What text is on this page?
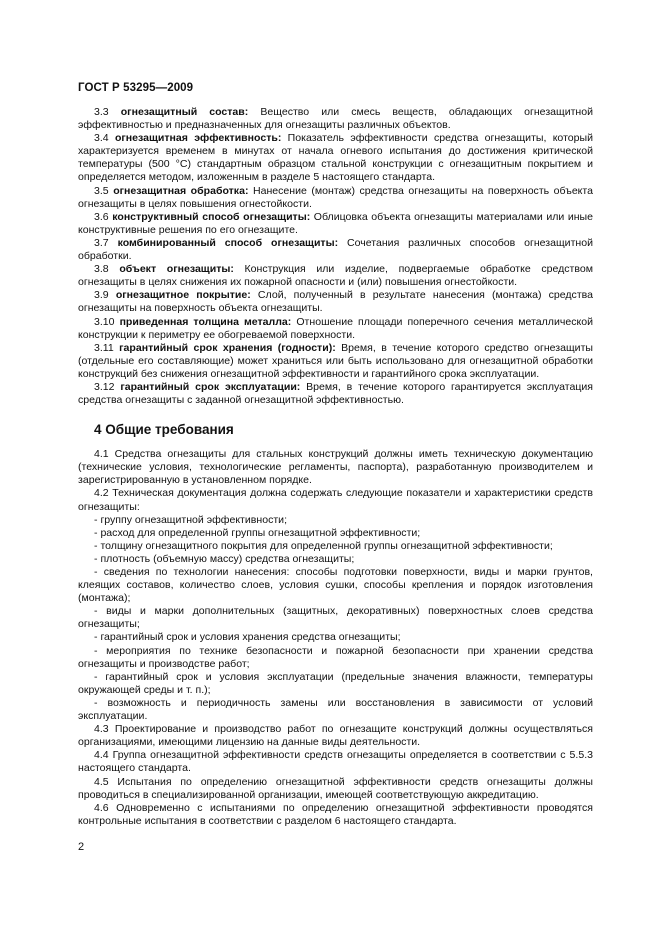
ГОСТ Р 53295—2009

3.3 огнезащитный состав: Вещество или смесь веществ, обладающих огнезащитной эффективностью и предназначенных для огнезащиты различных объектов.

3.4 огнезащитная эффективность: Показатель эффективности средства огнезащиты, который характеризуется временем в минутах от начала огневого испытания до достижения критической температуры (500 °С) стандартным образцом стальной конструкции с огнезащитным покрытием и определяется методом, изложенным в разделе 5 настоящего стандарта.

3.5 огнезащитная обработка: Нанесение (монтаж) средства огнезащиты на поверхность объекта огнезащиты в целях повышения огнестойкости.

3.6 конструктивный способ огнезащиты: Облицовка объекта огнезащиты материалами или иные конструктивные решения по его огнезащите.

3.7 комбинированный способ огнезащиты: Сочетания различных способов огнезащитной обработки.

3.8 объект огнезащиты: Конструкция или изделие, подвергаемые обработке средством огнезащиты в целях снижения их пожарной опасности и (или) повышения огнестойкости.

3.9 огнезащитное покрытие: Слой, полученный в результате нанесения (монтажа) средства огнезащиты на поверхность объекта огнезащиты.

3.10 приведенная толщина металла: Отношение площади поперечного сечения металлической конструкции к периметру ее обогреваемой поверхности.

3.11 гарантийный срок хранения (годности): Время, в течение которого средство огнезащиты (отдельные его составляющие) может храниться или быть использовано для огнезащитной обработки конструкций без снижения огнезащитной эффективности и гарантийного срока эксплуатации.

3.12 гарантийный срок эксплуатации: Время, в течение которого гарантируется эксплуатация средства огнезащиты с заданной огнезащитной эффективностью.

4 Общие требования

4.1 Средства огнезащиты для стальных конструкций должны иметь техническую документацию (технические условия, технологические регламенты, паспорта), разработанную производителем и зарегистрированную в установленном порядке.

4.2 Техническая документация должна содержать следующие показатели и характеристики средств огнезащиты:

- группу огнезащитной эффективности;

- расход для определенной группы огнезащитной эффективности;

- толщину огнезащитного покрытия для определенной группы огнезащитной эффективности;

- плотность (объемную массу) средства огнезащиты;

- сведения по технологии нанесения: способы подготовки поверхности, виды и марки грунтов, клеящих составов, количество слоев, условия сушки, способы крепления и порядок изготовления (монтажа);

- виды и марки дополнительных (защитных, декоративных) поверхностных слоев средства огнезащиты;

- гарантийный срок и условия хранения средства огнезащиты;

- мероприятия по технике безопасности и пожарной безопасности при хранении средства огнезащиты и производстве работ;

- гарантийный срок и условия эксплуатации (предельные значения влажности, температуры окружающей среды и т. п.);

- возможность и периодичность замены или восстановления в зависимости от условий эксплуатации.

4.3 Проектирование и производство работ по огнезащите конструкций должны осуществляться организациями, имеющими лицензию на данные виды деятельности.

4.4 Группа огнезащитной эффективности средств огнезащиты определяется в соответствии с 5.5.3 настоящего стандарта.

4.5 Испытания по определению огнезащитной эффективности средств огнезащиты должны проводиться в специализированной организации, имеющей соответствующую аккредитацию.

4.6 Одновременно с испытаниями по определению огнезащитной эффективности проводятся контрольные испытания в соответствии с разделом 6 настоящего стандарта.

2
